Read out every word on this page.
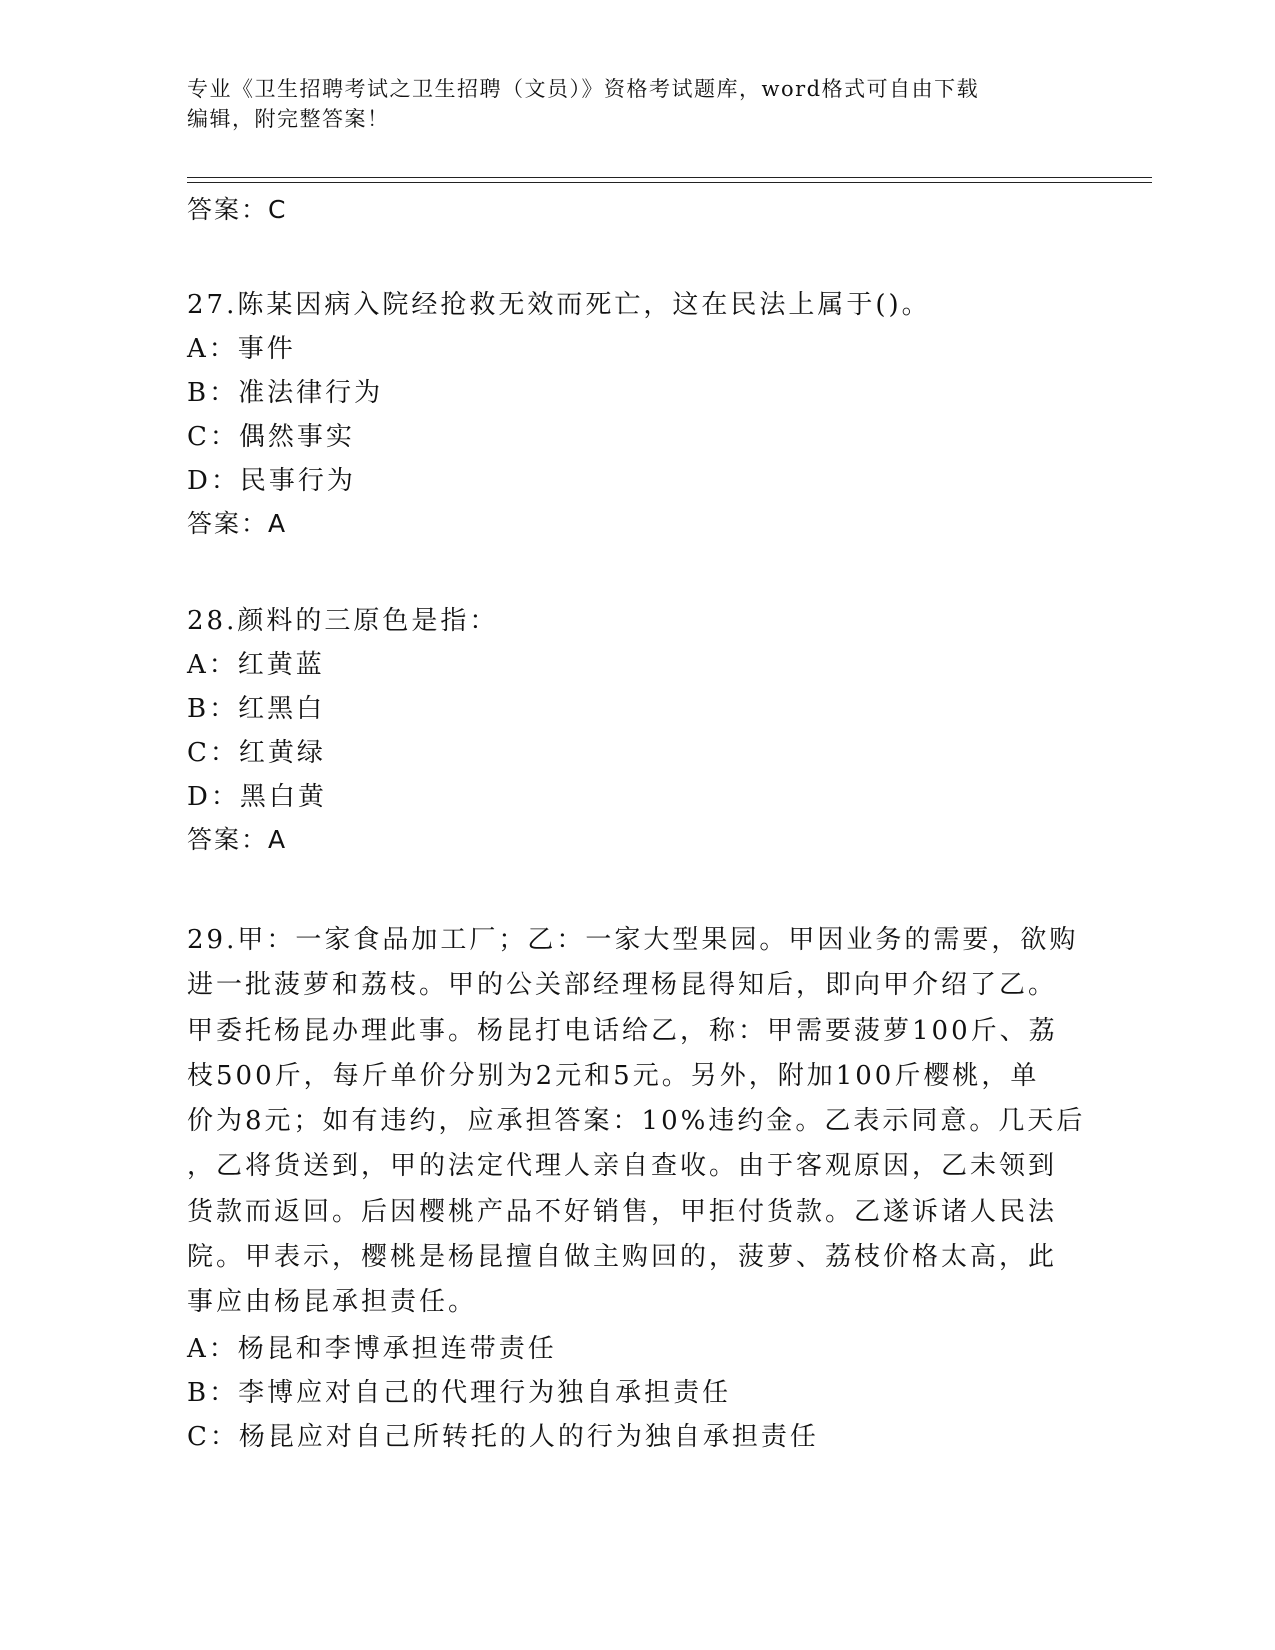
专业《卫生招聘考试之卫生招聘（文员）》资格考试题库，word格式可自由下载
编辑，附完整答案！
答案：C
27.陈某因病入院经抢救无效而死亡，这在民法上属于()。
A：事件
B：准法律行为
C：偶然事实
D：民事行为
答案：A
28.颜料的三原色是指：
A：红黄蓝
B：红黑白
C：红黄绿
D：黑白黄
答案：A
29.甲：一家食品加工厂；乙：一家大型果园。甲因业务的需要，欲购
进一批菠萝和荔枝。甲的公关部经理杨昆得知后，即向甲介绍了乙。
甲委托杨昆办理此事。杨昆打电话给乙，称：甲需要菠萝100斤、荔
枝500斤，每斤单价分别为2元和5元。另外，附加100斤樱桃，单
价为8元；如有违约，应承担答案：10%违约金。乙表示同意。几天后
，乙将货送到，甲的法定代理人亲自查收。由于客观原因，乙未领到
货款而返回。后因樱桃产品不好销售，甲拒付货款。乙遂诉诸人民法
院。甲表示，樱桃是杨昆擅自做主购回的，菠萝、荔枝价格太高，此
事应由杨昆承担责任。
A：杨昆和李博承担连带责任
B：李博应对自己的代理行为独自承担责任
C：杨昆应对自己所转托的人的行为独自承担责任
